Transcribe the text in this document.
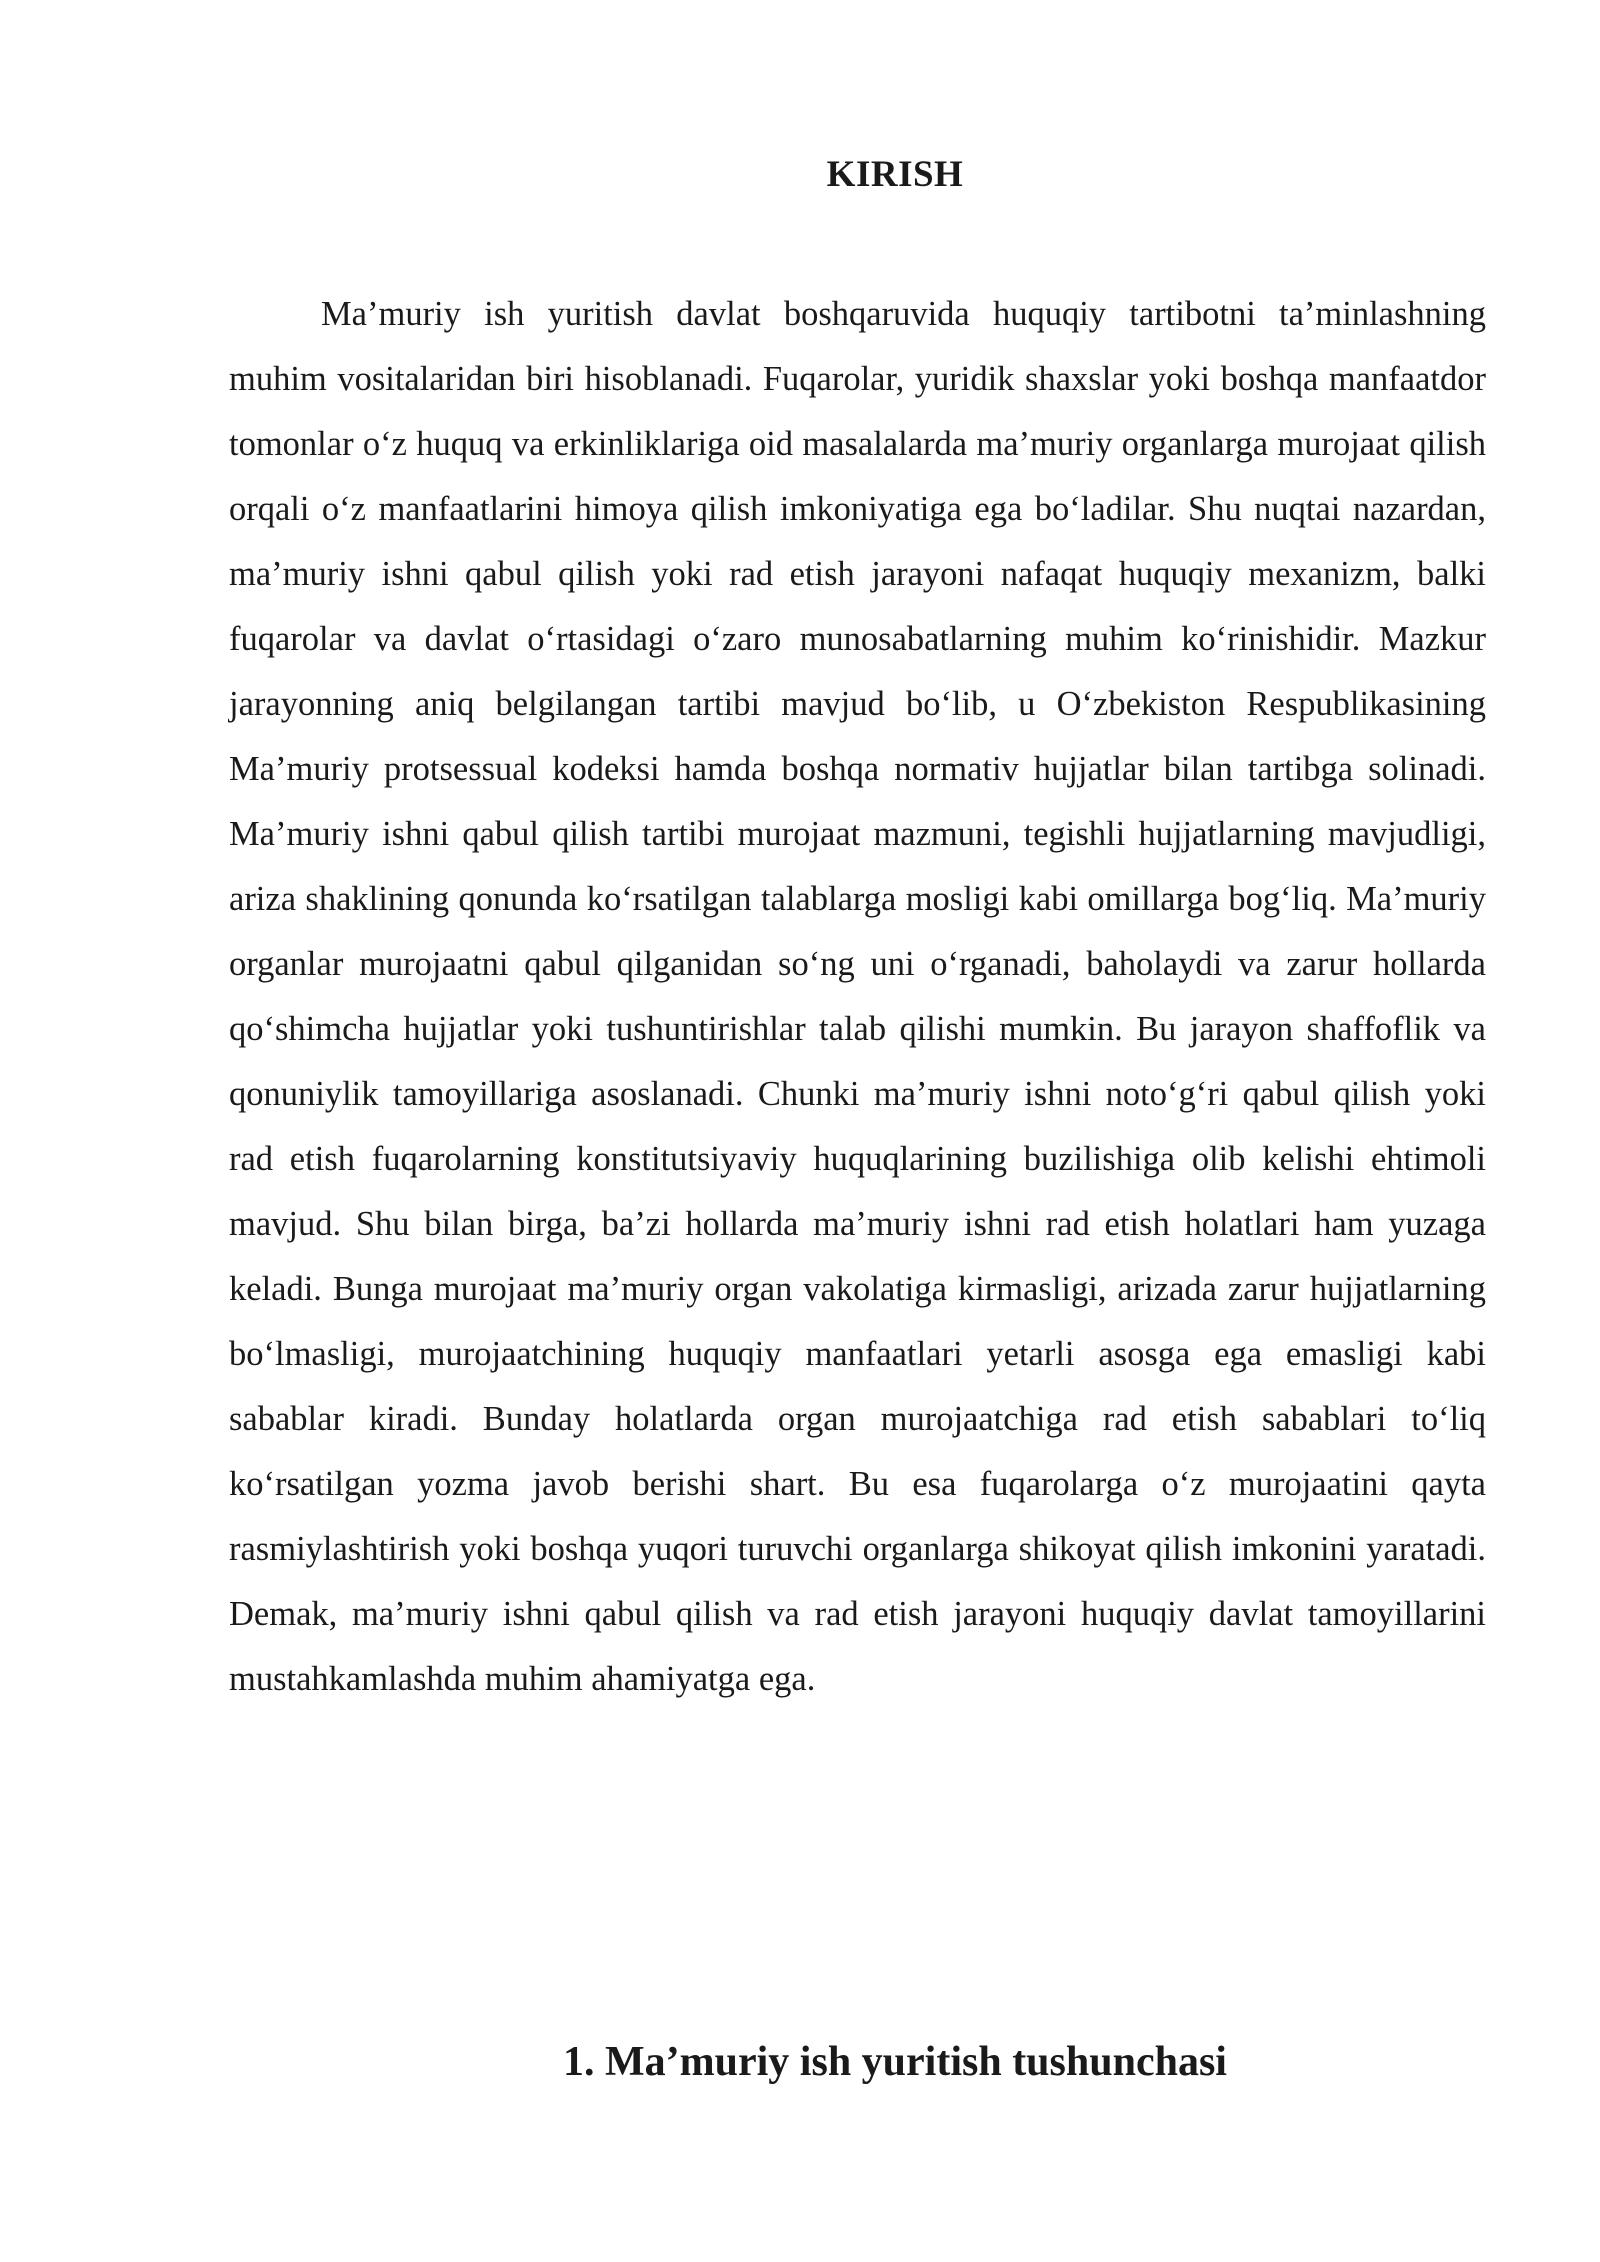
KIRISH

Ma’muriy ish yuritish davlat boshqaruvida huquqiy tartibotni ta’minlashning muhim vositalaridan biri hisoblanadi. Fuqarolar, yuridik shaxslar yoki boshqa manfaatdor tomonlar o‘z huquq va erkinliklariga oid masalalarda ma’muriy organlarga murojaat qilish orqali o‘z manfaatlarini himoya qilish imkoniyatiga ega bo‘ladilar. Shu nuqtai nazardan, ma’muriy ishni qabul qilish yoki rad etish jarayoni nafaqat huquqiy mexanizm, balki fuqarolar va davlat o‘rtasidagi o‘zaro munosabatlarning muhim ko‘rinishidir. Mazkur jarayonning aniq belgilangan tartibi mavjud bo‘lib, u O‘zbekiston Respublikasining Ma’muriy protsessual kodeksi hamda boshqa normativ hujjatlar bilan tartibga solinadi. Ma’muriy ishni qabul qilish tartibi murojaat mazmuni, tegishli hujjatlarning mavjudligi, ariza shaklining qonunda ko‘rsatilgan talablarga mosligi kabi omillarga bog‘liq. Ma’muriy organlar murojaatni qabul qilganidan so‘ng uni o‘rganadi, baholaydi va zarur hollarda qo‘shimcha hujjatlar yoki tushuntirishlar talab qilishi mumkin. Bu jarayon shaffoflik va qonuniylik tamoyillariga asoslanadi. Chunki ma’muriy ishni noto‘g‘ri qabul qilish yoki rad etish fuqarolarning konstitutsiyaviy huquqlarining buzilishiga olib kelishi ehtimoli mavjud. Shu bilan birga, ba’zi hollarda ma’muriy ishni rad etish holatlari ham yuzaga keladi. Bunga murojaat ma’muriy organ vakolatiga kirmasligi, arizada zarur hujjatlarning bo‘lmasligi, murojaatchining huquqiy manfaatlari yetarli asosga ega emasligi kabi sabablar kiradi. Bunday holatlarda organ murojaatchiga rad etish sabablari to‘liq ko‘rsatilgan yozma javob berishi shart. Bu esa fuqarolarga o‘z murojaatini qayta rasmiylashtirish yoki boshqa yuqori turuvchi organlarga shikoyat qilish imkonini yaratadi. Demak, ma’muriy ishni qabul qilish va rad etish jarayoni huquqiy davlat tamoyillarini mustahkamlashda muhim ahamiyatga ega.

1. Ma’muriy ish yuritish tushunchasi
